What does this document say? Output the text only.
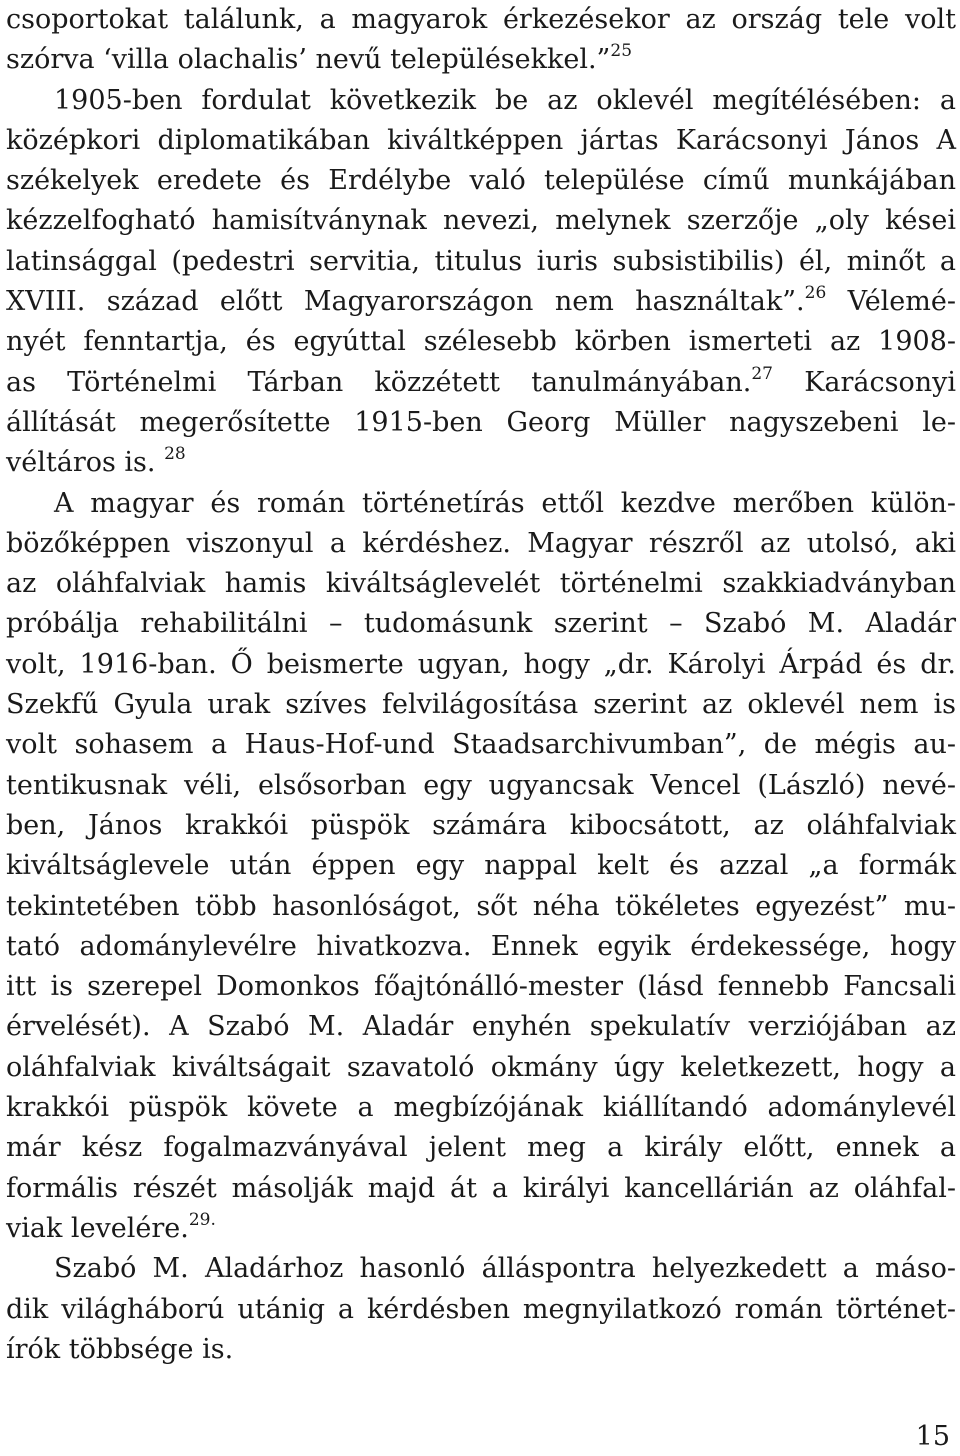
csoportokat találunk, a magyarok érkezésekor az ország tele volt
szórva ‘villa olachalis’ nevű településekkel.”$^{25}$
1905-ben fordulat következik be az oklevél megítélésében: a
középkori diplomatikában kiváltképpen jártas Karácsonyi János A
székelyek eredete és Erdélybe való települése című munkájában
kézzelfogható hamisítványnak nevezi, melynek szerzője „oly kései
latinsággal (pedestri servitia, titulus iuris subsistibilis) él, minőt a
XVIII. század előtt Magyarországon nem használtak”.$^{26}$ Vélemé-
nyét fenntartja, és egyúttal szélesebb körben ismerteti az 1908-
as Történelmi Tárban közzétett tanulmányában.$^{27}$ Karácsonyi
állítását megerősítette 1915-ben Georg Müller nagyszebeni le-
véltáros is. $^{28}$
A magyar és román történetírás ettől kezdve merőben külön-
bözőképpen viszonyul a kérdéshez. Magyar részről az utolsó, aki
az oláhfalviak hamis kiváltságlevelét történelmi szakkiadványban
próbálja rehabilitálni – tudomásunk szerint – Szabó M. Aladár
volt, 1916-ban. Ő beismerte ugyan, hogy „dr. Károlyi Árpád és dr.
Szekfű Gyula urak szíves felvilágosítása szerint az oklevél nem is
volt sohasem a Haus-Hof-und Staadsarchivumban”, de mégis au-
tentikusnak véli, elsősorban egy ugyancsak Vencel (László) nevé-
ben, János krakkói püspök számára kibocsátott, az oláhfalviak
kiváltságlevele után éppen egy nappal kelt és azzal „a formák
tekintetében több hasonlóságot, sőt néha tökéletes egyezést” mu-
tató adománylevélre hivatkozva. Ennek egyik érdekessége, hogy
itt is szerepel Domonkos főajtónálló-mester (lásd fennebb Fancsali
érvelését). A Szabó M. Aladár enyhén spekulatív verziójában az
oláhfalviak kiváltságait szavatoló okmány úgy keletkezett, hogy a
krakkói püspök követe a megbízójának kiállítandó adománylevél
már kész fogalmazványával jelent meg a király előtt, ennek a
formális részét másolják majd át a királyi kancellárián az oláhfal-
viak levelére.$^{29.}$
Szabó M. Aladárhoz hasonló álláspontra helyezkedett a máso-
dik világháború utánig a kérdésben megnyilatkozó román történet-
írók többsége is.
15
